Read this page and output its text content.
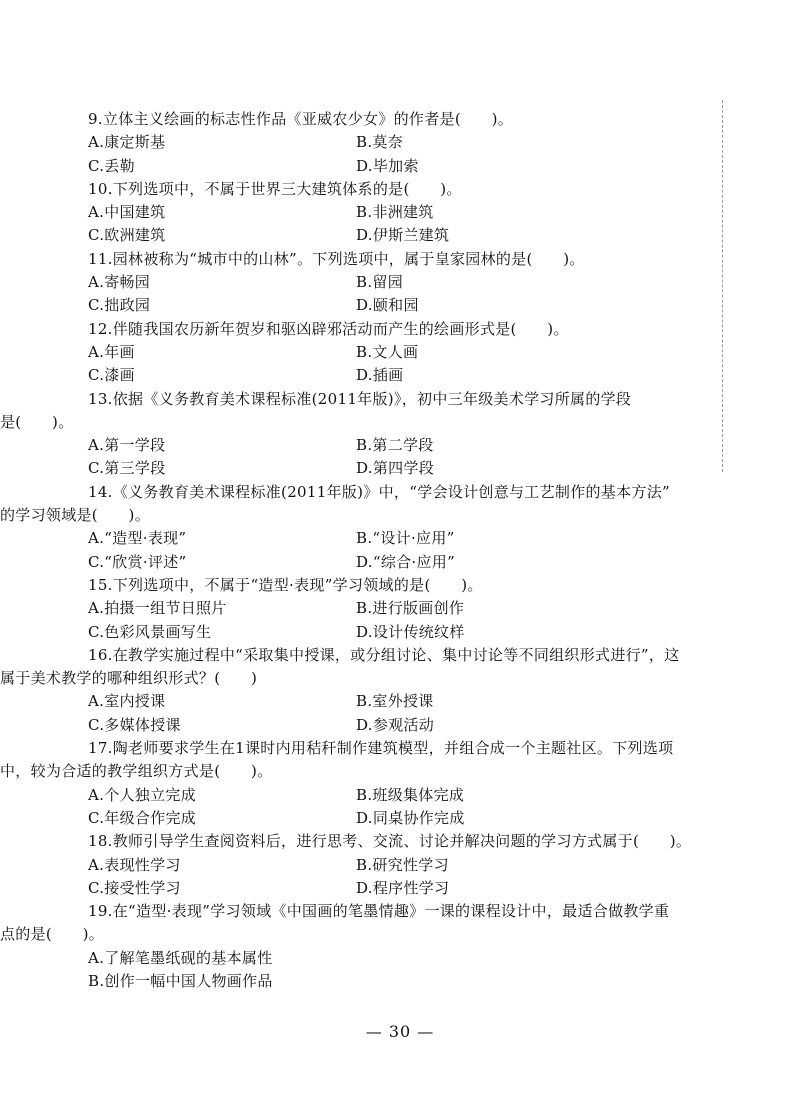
9.立体主义绘画的标志性作品《亚威农少女》的作者是(　　)。
A.康定斯基	B.莫奈
C.丢勒	D.毕加索
10.下列选项中，不属于世界三大建筑体系的是(　　)。
A.中国建筑	B.非洲建筑
C.欧洲建筑	D.伊斯兰建筑
11.园林被称为“城市中的山林”。下列选项中，属于皇家园林的是(　　)。
A.寄畅园	B.留园
C.拙政园	D.颐和园
12.伴随我国农历新年贺岁和驱凶辟邪活动而产生的绘画形式是(　　)。
A.年画	B.文人画
C.漆画	D.插画
13.依据《义务教育美术课程标准(2011年版)》，初中三年级美术学习所属的学段
是(　　)。
A.第一学段	B.第二学段
C.第三学段	D.第四学段
14.《义务教育美术课程标准(2011年版)》中，“学会设计创意与工艺制作的基本方法”
的学习领域是(　　)。
A.“造型·表现”	B.“设计·应用”
C.“欣赏·评述”	D.“综合·应用”
15.下列选项中，不属于“造型·表现”学习领域的是(　　)。
A.拍摄一组节日照片	B.进行版画创作
C.色彩风景画写生	D.设计传统纹样
16.在教学实施过程中“采取集中授课，或分组讨论、集中讨论等不同组织形式进行”，这
属于美术教学的哪种组织形式？(　　)
A.室内授课	B.室外授课
C.多媒体授课	D.参观活动
17.陶老师要求学生在1课时内用秸秆制作建筑模型，并组合成一个主题社区。下列选项
中，较为合适的教学组织方式是(　　)。
A.个人独立完成	B.班级集体完成
C.年级合作完成	D.同桌协作完成
18.教师引导学生查阅资料后，进行思考、交流、讨论并解决问题的学习方式属于(　　)。
A.表现性学习	B.研究性学习
C.接受性学习	D.程序性学习
19.在“造型·表现”学习领域《中国画的笔墨情趣》一课的课程设计中，最适合做教学重
点的是(　　)。
A.了解笔墨纸砚的基本属性
B.创作一幅中国人物画作品
— 30 —
